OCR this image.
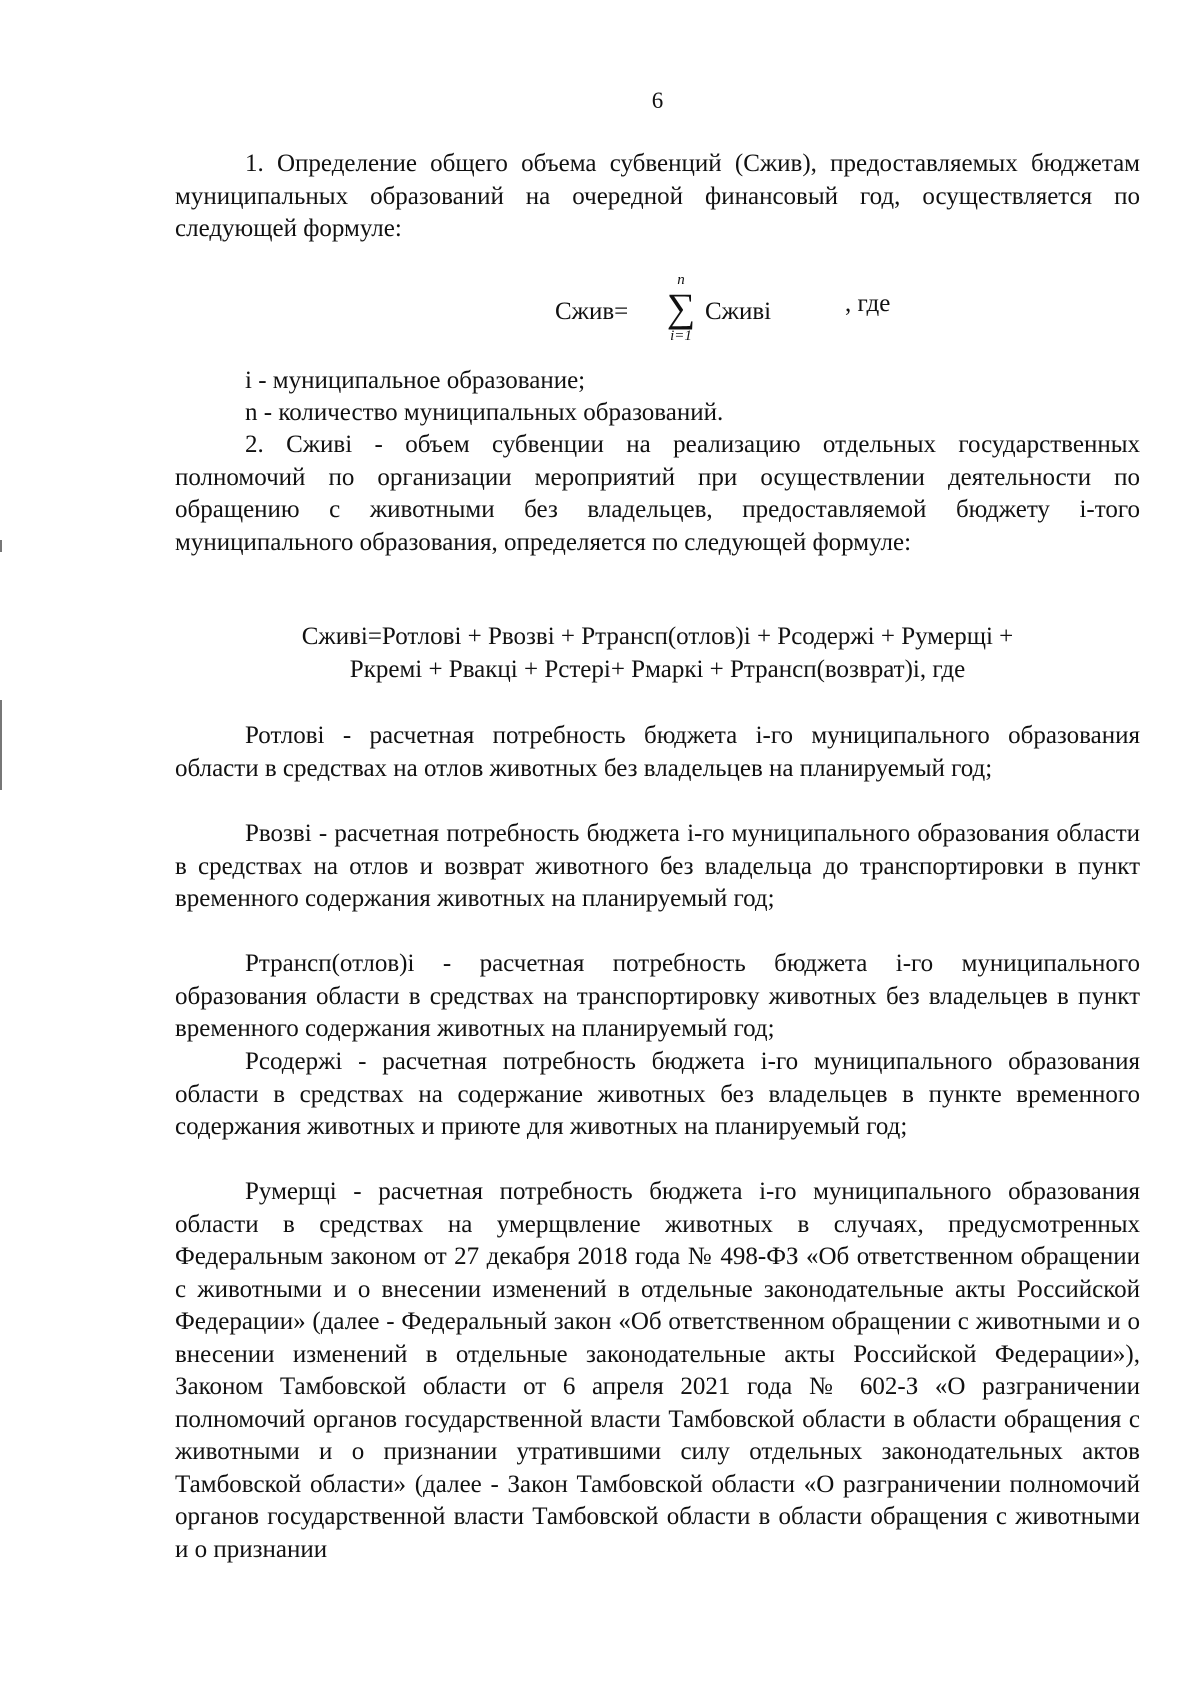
6

1. Определение общего объема субвенций (Сжив), предоставляемых бюджетам муниципальных образований на очередной финансовый год, осуществляется по следующей формуле:

Сжив=
n
∑
i=1
Сживi	, где
i - муниципальное образование;
n - количество муниципальных образований.

2. Сживi - объем субвенции на реализацию отдельных государственных полномочий по организации мероприятий при осуществлении деятельности по обращению с животными без владельцев, предоставляемой бюджету i-того муниципального образования, определяется по следующей формуле:

Сживi=Ротловi + Рвозвi + Ртрансп(отлов)i + Рсодержi + Румерщi +
Ркремi + Рвакцi + Рстерi+ Рмаркi + Ртрансп(возврат)i, где

Ротловi - расчетная потребность бюджета i-го муниципального образования области в средствах на отлов животных без владельцев на планируемый год;

Рвозвi - расчетная потребность бюджета i-го муниципального образования области в средствах на отлов и возврат животного без владельца до транспортировки в пункт временного содержания животных на планируемый год;

Ртрансп(отлов)i - расчетная потребность бюджета i-го муниципального образования области в средствах на транспортировку животных без владельцев в пункт временного содержания животных на планируемый год;

Рсодержi - расчетная потребность бюджета i-го муниципального образования области в средствах на содержание животных без владельцев в пункте временного содержания животных и приюте для животных на планируемый год;

Румерщi - расчетная потребность бюджета i-го муниципального образования области в средствах на умерщвление животных в случаях, предусмотренных Федеральным законом от 27 декабря 2018 года № 498-ФЗ «Об ответственном обращении с животными и о внесении изменений в отдельные законодательные акты Российской Федерации» (далее - Федеральный закон «Об ответственном обращении с животными и о внесении изменений в отдельные законодательные акты Российской Федерации»), Законом Тамбовской области от 6 апреля 2021 года № 602-З «О разграничении полномочий органов государственной власти Тамбовской области в области обращения с животными и о признании утратившими силу отдельных законодательных актов Тамбовской области» (далее - Закон Тамбовской области «О разграничении полномочий органов государственной власти Тамбовской области в области обращения с животными и о признании
